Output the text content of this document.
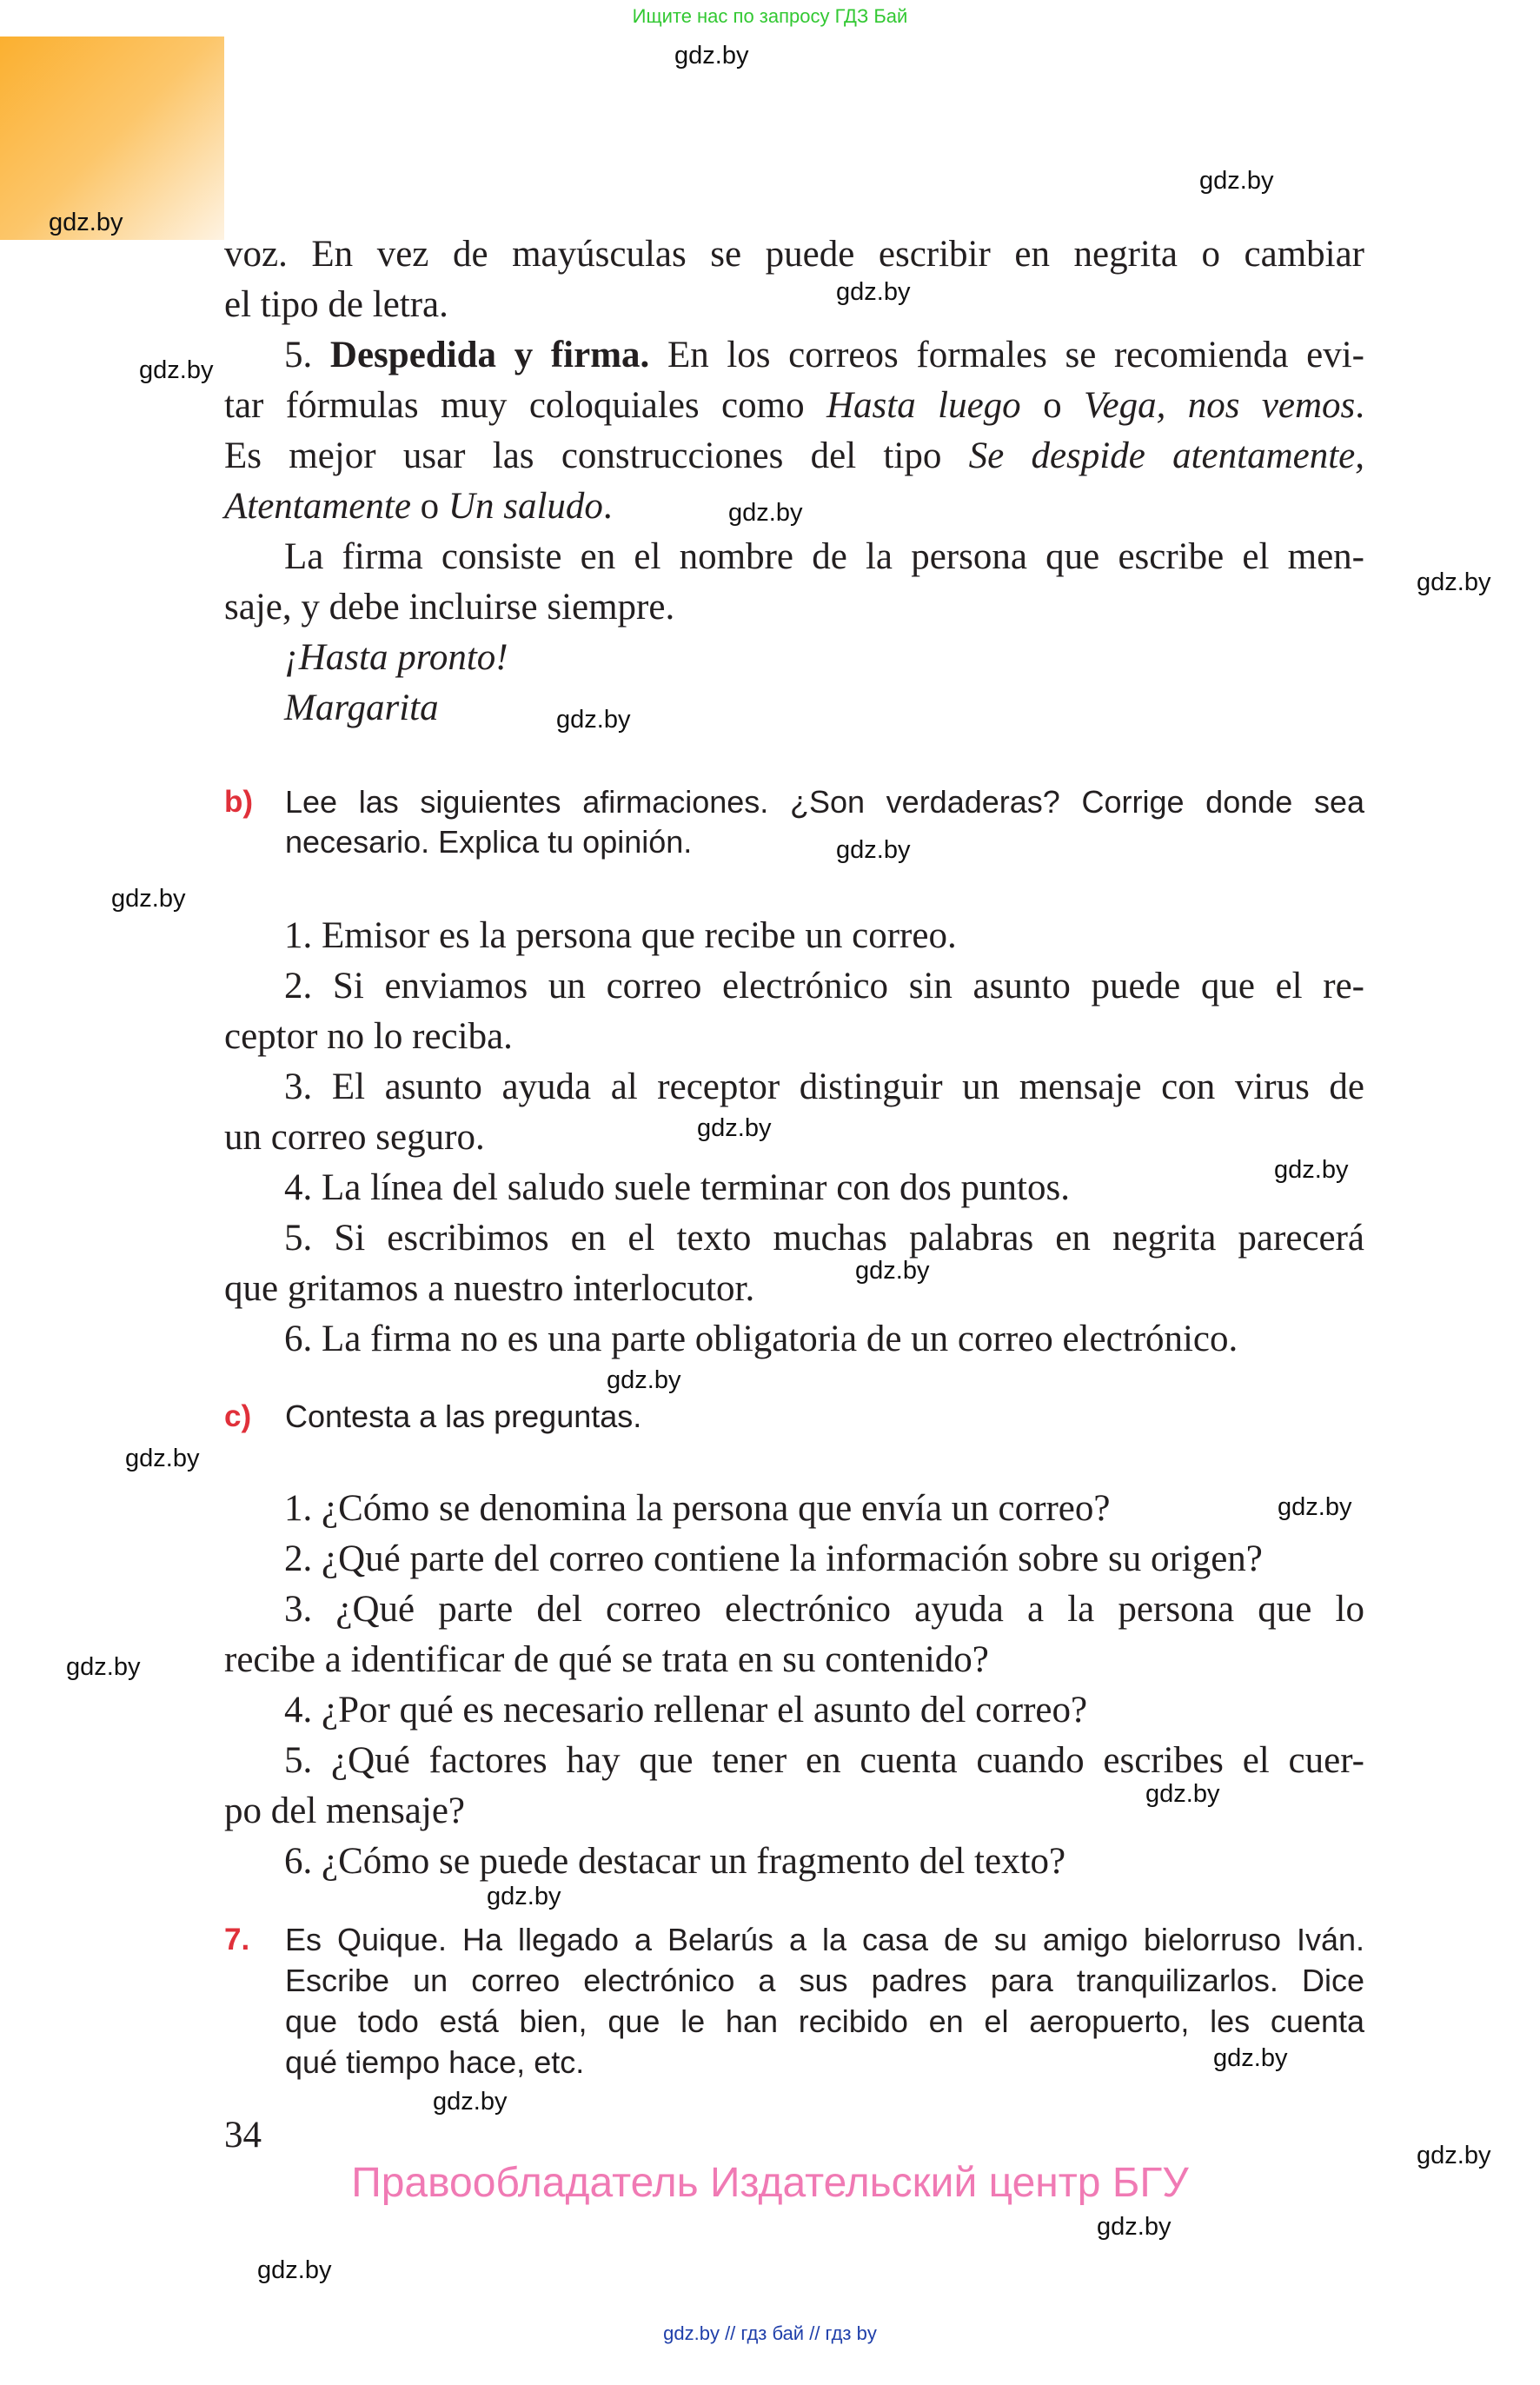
Ищите нас по запросу ГДЗ Бай
gdz.by
gdz.by
gdz.by
gdz.by
gdz.by
gdz.by
gdz.by
gdz.by
gdz.by
gdz.by
gdz.by
gdz.by
gdz.by
gdz.by
gdz.by
gdz.by
gdz.by
gdz.by
gdz.by
gdz.by
gdz.by
gdz.by
gdz.by
gdz.by
voz. En vez de mayúsculas se puede escribir en negrita o cambiar
el tipo de letra.
5. Despedida y firma. En los correos formales se recomienda evi-
tar fórmulas muy coloquiales como Hasta luego o Vega, nos vemos.
Es mejor usar las construcciones del tipo Se despide atentamente,
Atentamente o Un saludo.
La firma consiste en el nombre de la persona que escribe el men-
saje, y debe incluirse siempre.
¡Hasta pronto!
Margarita
b) Lee las siguientes afirmaciones. ¿Son verdaderas? Corrige donde sea
necesario. Explica tu opinión.
1. Emisor es la persona que recibe un correo.
2. Si enviamos un correo electrónico sin asunto puede que el re-
ceptor no lo reciba.
3. El asunto ayuda al receptor distinguir un mensaje con virus de
un correo seguro.
4. La línea del saludo suele terminar con dos puntos.
5. Si escribimos en el texto muchas palabras en negrita parecerá
que gritamos a nuestro interlocutor.
6. La firma no es una parte obligatoria de un correo electrónico.
c) Contesta a las preguntas.
1. ¿Cómo se denomina la persona que envía un correo?
2. ¿Qué parte del correo contiene la información sobre su origen?
3. ¿Qué parte del correo electrónico ayuda a la persona que lo
recibe a identificar de qué se trata en su contenido?
4. ¿Por qué es necesario rellenar el asunto del correo?
5. ¿Qué factores hay que tener en cuenta cuando escribes el cuer-
po del mensaje?
6. ¿Cómo se puede destacar un fragmento del texto?
7. Es Quique. Ha llegado a Belarús a la casa de su amigo bielorruso Iván.
Escribe un correo electrónico a sus padres para tranquilizarlos. Dice
que todo está bien, que le han recibido en el aeropuerto, les cuenta
qué tiempo hace, etc.
34
Правообладатель Издательский центр БГУ
gdz.by // гдз бай // гдз by
